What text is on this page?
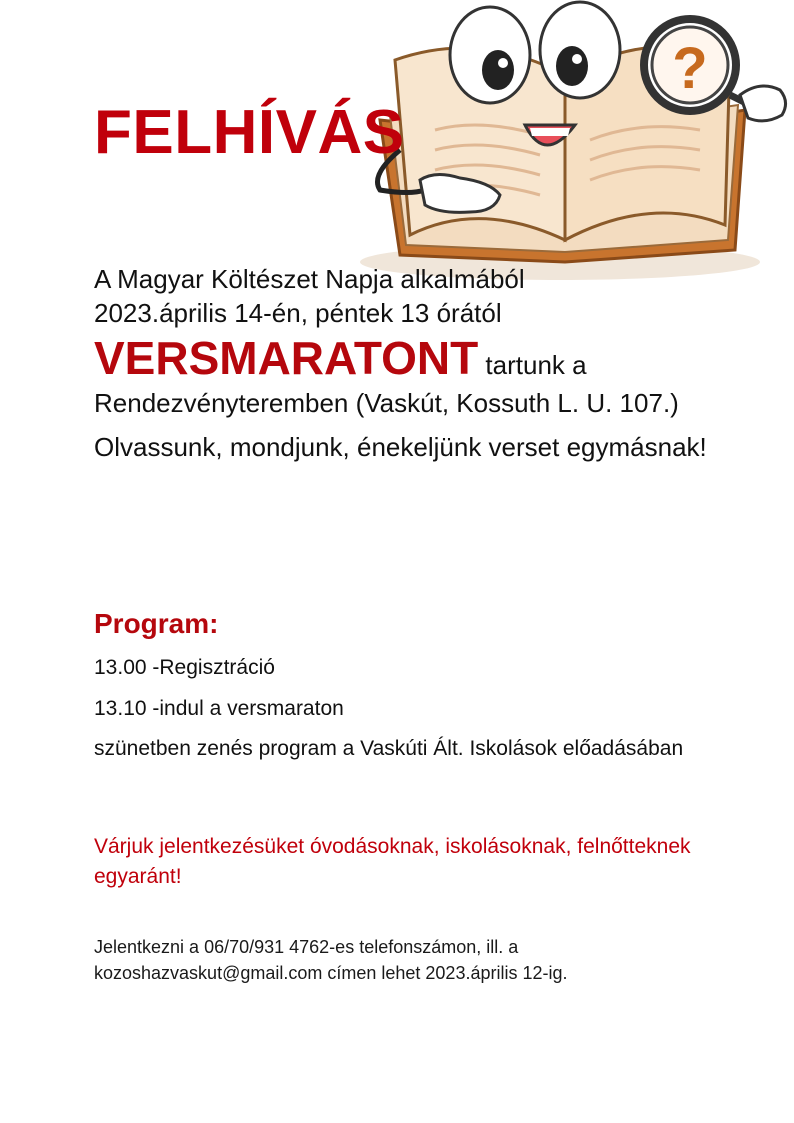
?
FELHÍVÁS

A Magyar Költészet Napja alkalmából

2023.április 14-én, péntek 13 órától

VERSMARATONT tartunk a

Rendezvényteremben (Vaskút, Kossuth L. U. 107.)

Olvassunk, mondjunk, énekeljünk verset egymásnak!

Program:

13.00 -Regisztráció

13.10 -indul a versmaraton

szünetben zenés program a Vaskúti Ált. Iskolások előadásában

Várjuk jelentkezésüket óvodásoknak, iskolásoknak, felnőtteknek egyaránt!

Jelentkezni a 06/70/931 4762-es telefonszámon, ill. a kozoshazvaskut@gmail.com címen lehet 2023.április 12-ig.
